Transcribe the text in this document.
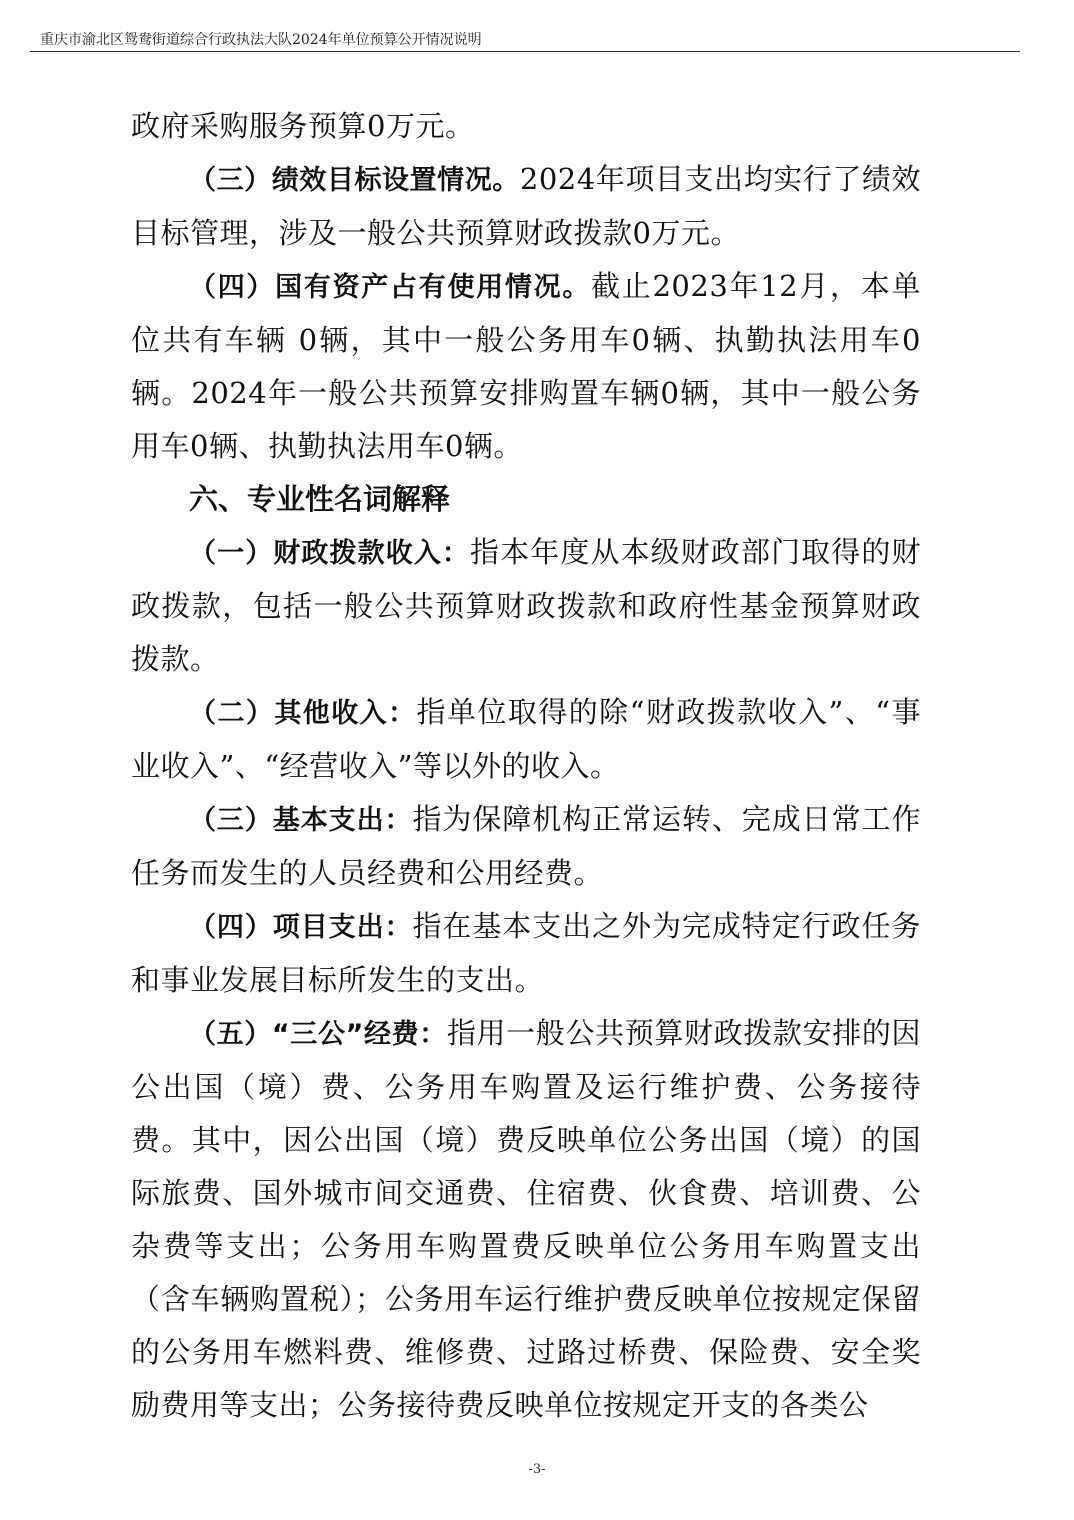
重庆市渝北区鸳鸯街道综合行政执法大队2024年单位预算公开情况说明

政府采购服务预算0万元。

（三）绩效目标设置情况。2024年项目支出均实行了绩效目标管理，涉及一般公共预算财政拨款0万元。

（四）国有资产占有使用情况。截止2023年12月，本单位共有车辆 0辆，其中一般公务用车0辆、执勤执法用车0辆。2024年一般公共预算安排购置车辆0辆，其中一般公务用车0辆、执勤执法用车0辆。

六、专业性名词解释

（一）财政拨款收入：指本年度从本级财政部门取得的财政拨款，包括一般公共预算财政拨款和政府性基金预算财政拨款。

（二）其他收入：指单位取得的除“财政拨款收入”、“事业收入”、“经营收入”等以外的收入。

（三）基本支出：指为保障机构正常运转、完成日常工作任务而发生的人员经费和公用经费。

（四）项目支出：指在基本支出之外为完成特定行政任务和事业发展目标所发生的支出。

（五）“三公”经费：指用一般公共预算财政拨款安排的因公出国（境）费、公务用车购置及运行维护费、公务接待费。其中，因公出国（境）费反映单位公务出国（境）的国际旅费、国外城市间交通费、住宿费、伙食费、培训费、公杂费等支出；公务用车购置费反映单位公务用车购置支出（含车辆购置税）；公务用车运行维护费反映单位按规定保留的公务用车燃料费、维修费、过路过桥费、保险费、安全奖励费用等支出；公务接待费反映单位按规定开支的各类公

-3-
